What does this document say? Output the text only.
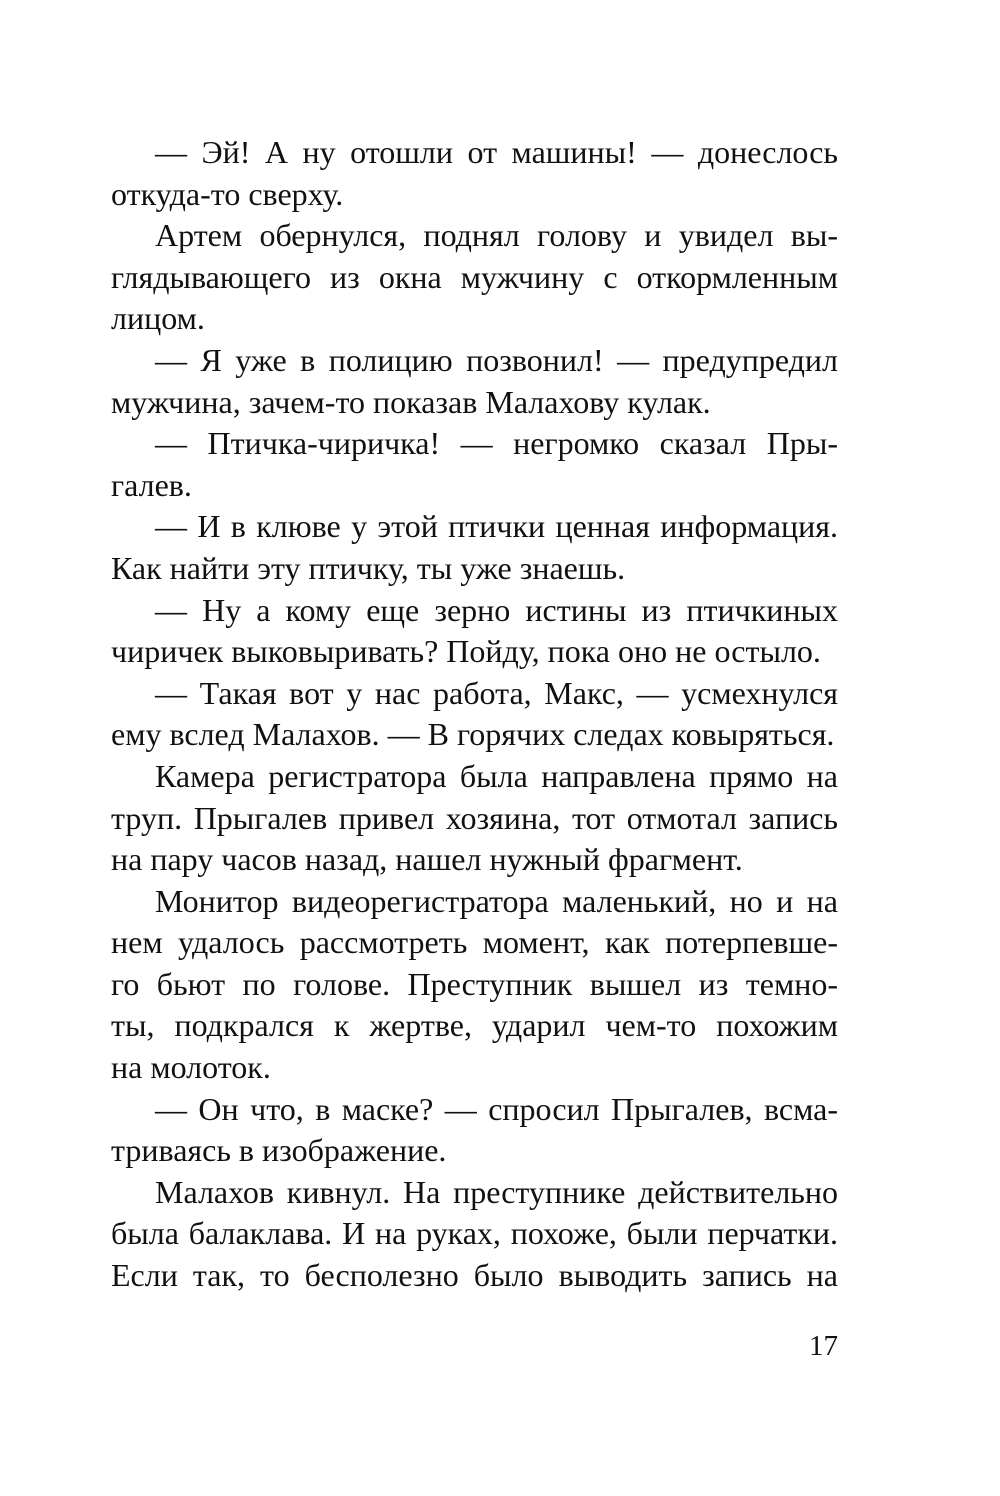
— Эй! А ну отошли от машины! — донеслось
откуда-то сверху.

Артем обернулся, поднял голову и увидел вы-
глядывающего из окна мужчину с откормленным
лицом.

— Я уже в полицию позвонил! — предупредил
мужчина, зачем-то показав Малахову кулак.

— Птичка-чиричка! — негромко сказал Пры-
галев.

— И в клюве у этой птички ценная информация.
Как найти эту птичку, ты уже знаешь.

— Ну а кому еще зерно истины из птичкиных
чиричек выковыривать? Пойду, пока оно не остыло.

— Такая вот у нас работа, Макс, — усмехнулся
ему вслед Малахов. — В горячих следах ковыряться.

Камера регистратора была направлена прямо на
труп. Прыгалев привел хозяина, тот отмотал запись
на пару часов назад, нашел нужный фрагмент.

Монитор видеорегистратора маленький, но и на
нем удалось рассмотреть момент, как потерпевше-
го бьют по голове. Преступник вышел из темно-
ты, подкрался к жертве, ударил чем-то похожим
на молоток.

— Он что, в маске? — спросил Прыгалев, всма-
триваясь в изображение.

Малахов кивнул. На преступнике действительно
была балаклава. И на руках, похоже, были перчатки.
Если так, то бесполезно было выводить запись на

17
